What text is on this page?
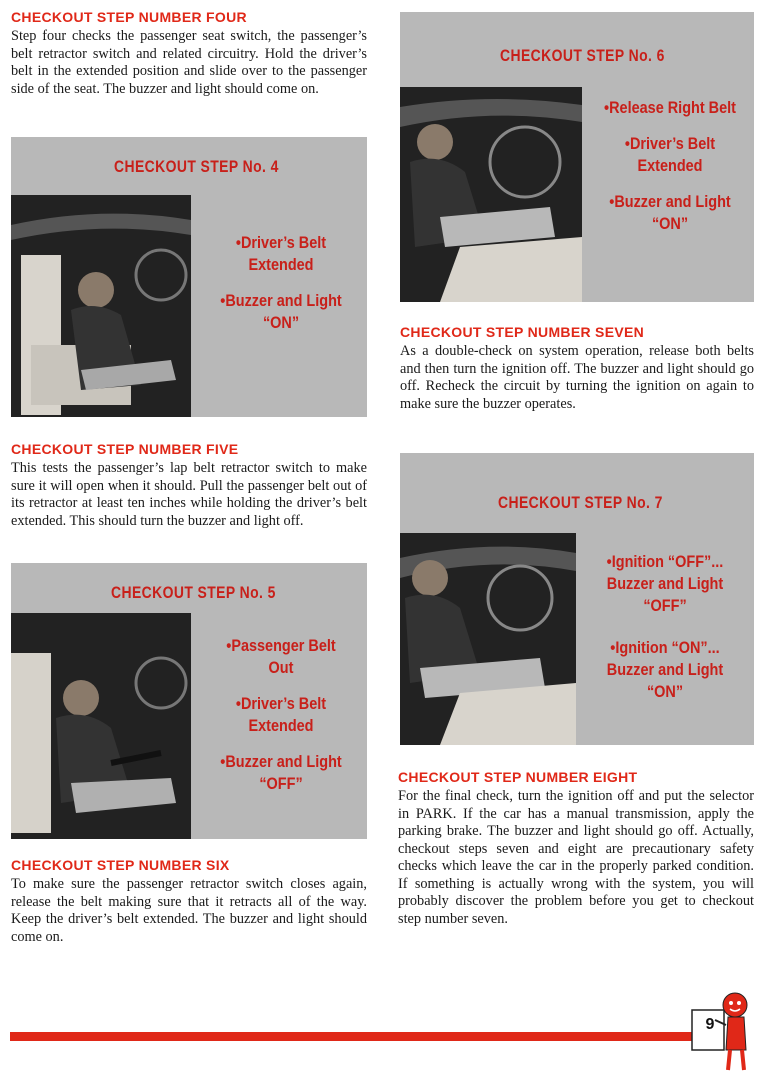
CHECKOUT STEP NUMBER FOUR

Step four checks the passenger seat switch, the passenger’s belt retractor switch and related circuitry. Hold the driver’s belt in the extended position and slide over to the passenger side of the seat. The buzzer and light should come on.

CHECKOUT STEP No. 4
•Driver’s Belt Extended
•Buzzer and Light “ON”
CHECKOUT STEP NUMBER FIVE

This tests the passenger’s lap belt retractor switch to make sure it will open when it should. Pull the passenger belt out of its retractor at least ten inches while holding the driver’s belt extended. This should turn the buzzer and light off.

CHECKOUT STEP No. 5
•Passenger Belt Out
•Driver’s Belt Extended
•Buzzer and Light “OFF”
CHECKOUT STEP NUMBER SIX

To make sure the passenger retractor switch closes again, release the belt making sure that it retracts all of the way. Keep the driver’s belt extended. The buzzer and light should come on.

CHECKOUT STEP No. 6
•Release Right Belt
•Driver’s Belt Extended
•Buzzer and Light “ON”
CHECKOUT STEP NUMBER SEVEN

As a double-check on system operation, release both belts and then turn the ignition off. The buzzer and light should go off. Recheck the circuit by turning the ignition on again to make sure the buzzer operates.

CHECKOUT STEP No. 7
•Ignition “OFF”... Buzzer and Light “OFF”
•Ignition “ON”... Buzzer and Light “ON”
CHECKOUT STEP NUMBER EIGHT

For the final check, turn the ignition off and put the selector in PARK. If the car has a manual transmission, apply the parking brake. The buzzer and light should go off. Actually, checkout steps seven and eight are precautionary safety checks which leave the car in the properly parked condition. If something is actually wrong with the system, you will probably discover the problem before you get to checkout step number seven.

9
